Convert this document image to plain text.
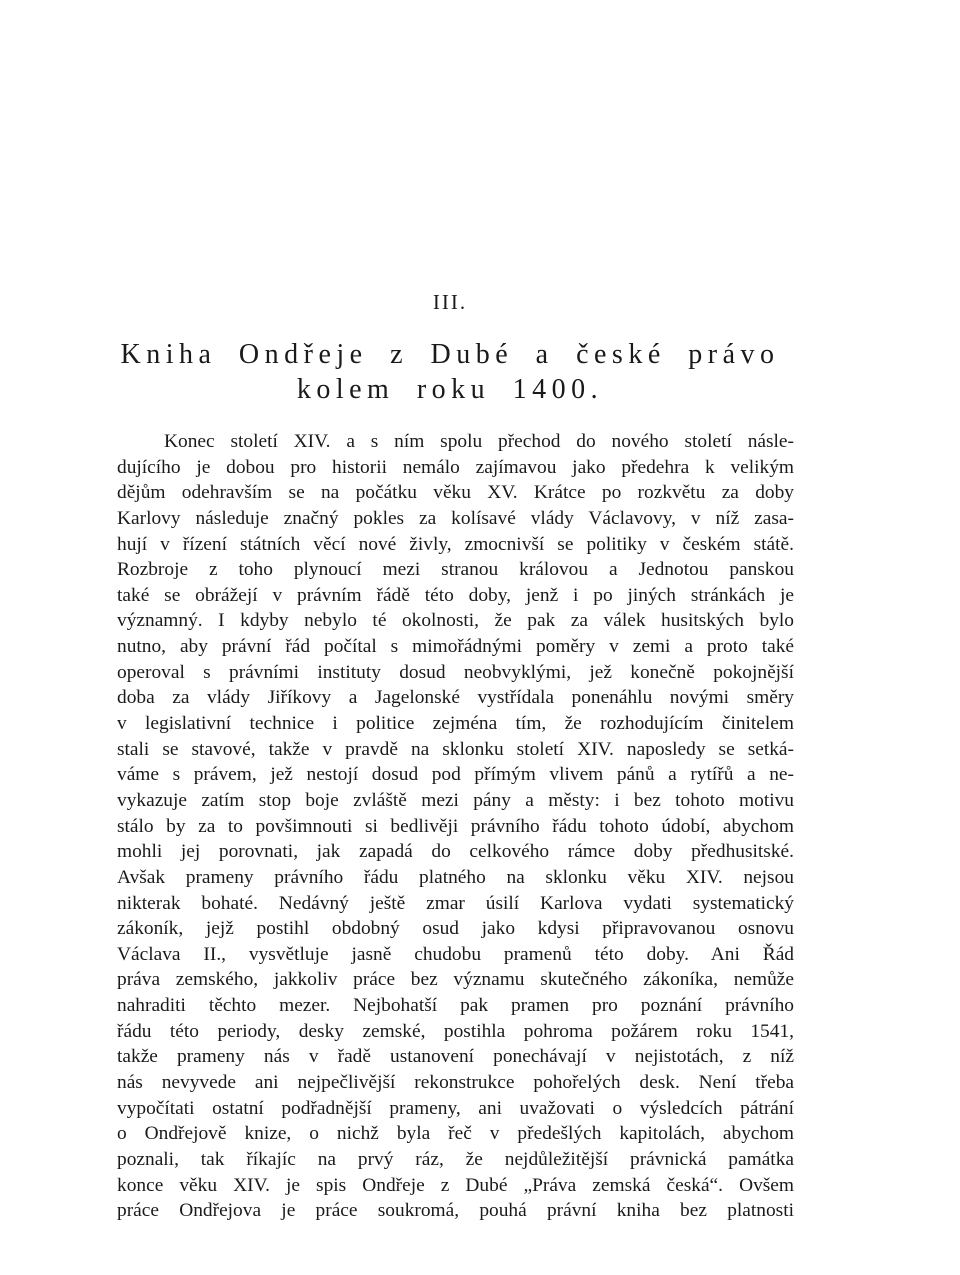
III.
Kniha Ondřeje z Dubé a české právo
kolem roku 1400.
Konec století XIV. a s ním spolu přechod do nového století násle-
dujícího je dobou pro historii nemálo zajímavou jako předehra k velikým
dějům odehravším se na počátku věku XV. Krátce po rozkvětu za doby
Karlovy následuje značný pokles za kolísavé vlády Václavovy, v níž zasa-
hují v řízení státních věcí nové živly, zmocnivší se politiky v českém státě.
Rozbroje z toho plynoucí mezi stranou královou a Jednotou panskou
také se obrážejí v právním řádě této doby, jenž i po jiných stránkách je
významný. I kdyby nebylo té okolnosti, že pak za válek husitských bylo
nutno, aby právní řád počítal s mimořádnými poměry v zemi a proto také
operoval s právními instituty dosud neobvyklými, jež konečně pokojnější
doba za vlády Jiříkovy a Jagelonské vystřídala ponenáhlu novými směry
v legislativní technice i politice zejména tím, že rozhodujícím činitelem
stali se stavové, takže v pravdě na sklonku století XIV. naposledy se setká-
váme s právem, jež nestojí dosud pod přímým vlivem pánů a rytířů a ne-
vykazuje zatím stop boje zvláště mezi pány a městy: i bez tohoto motivu
stálo by za to povšimnouti si bedlivěji právního řádu tohoto údobí, abychom
mohli jej porovnati, jak zapadá do celkového rámce doby předhusitské.
Avšak prameny právního řádu platného na sklonku věku XIV. nejsou
nikterak bohaté. Nedávný ještě zmar úsilí Karlova vydati systematický
zákoník, jejž postihl obdobný osud jako kdysi připravovanou osnovu
Václava II., vysvětluje jasně chudobu pramenů této doby. Ani Řád
práva zemského, jakkoliv práce bez významu skutečného zákoníka, nemůže
nahraditi těchto mezer. Nejbohatší pak pramen pro poznání právního
řádu této periody, desky zemské, postihla pohroma požárem roku 1541,
takže prameny nás v řadě ustanovení ponechávají v nejistotách, z níž
nás nevyvede ani nejpečlivější rekonstrukce pohořelých desk. Není třeba
vypočítati ostatní podřadnější prameny, ani uvažovati o výsledcích pátrání
o Ondřejově knize, o nichž byla řeč v předešlých kapitolách, abychom
poznali, tak říkajíc na prvý ráz, že nejdůležitější právnická památka
konce věku XIV. je spis Ondřeje z Dubé „Práva zemská česká“. Ovšem
práce Ondřejova je práce soukromá, pouhá právní kniha bez platnosti
